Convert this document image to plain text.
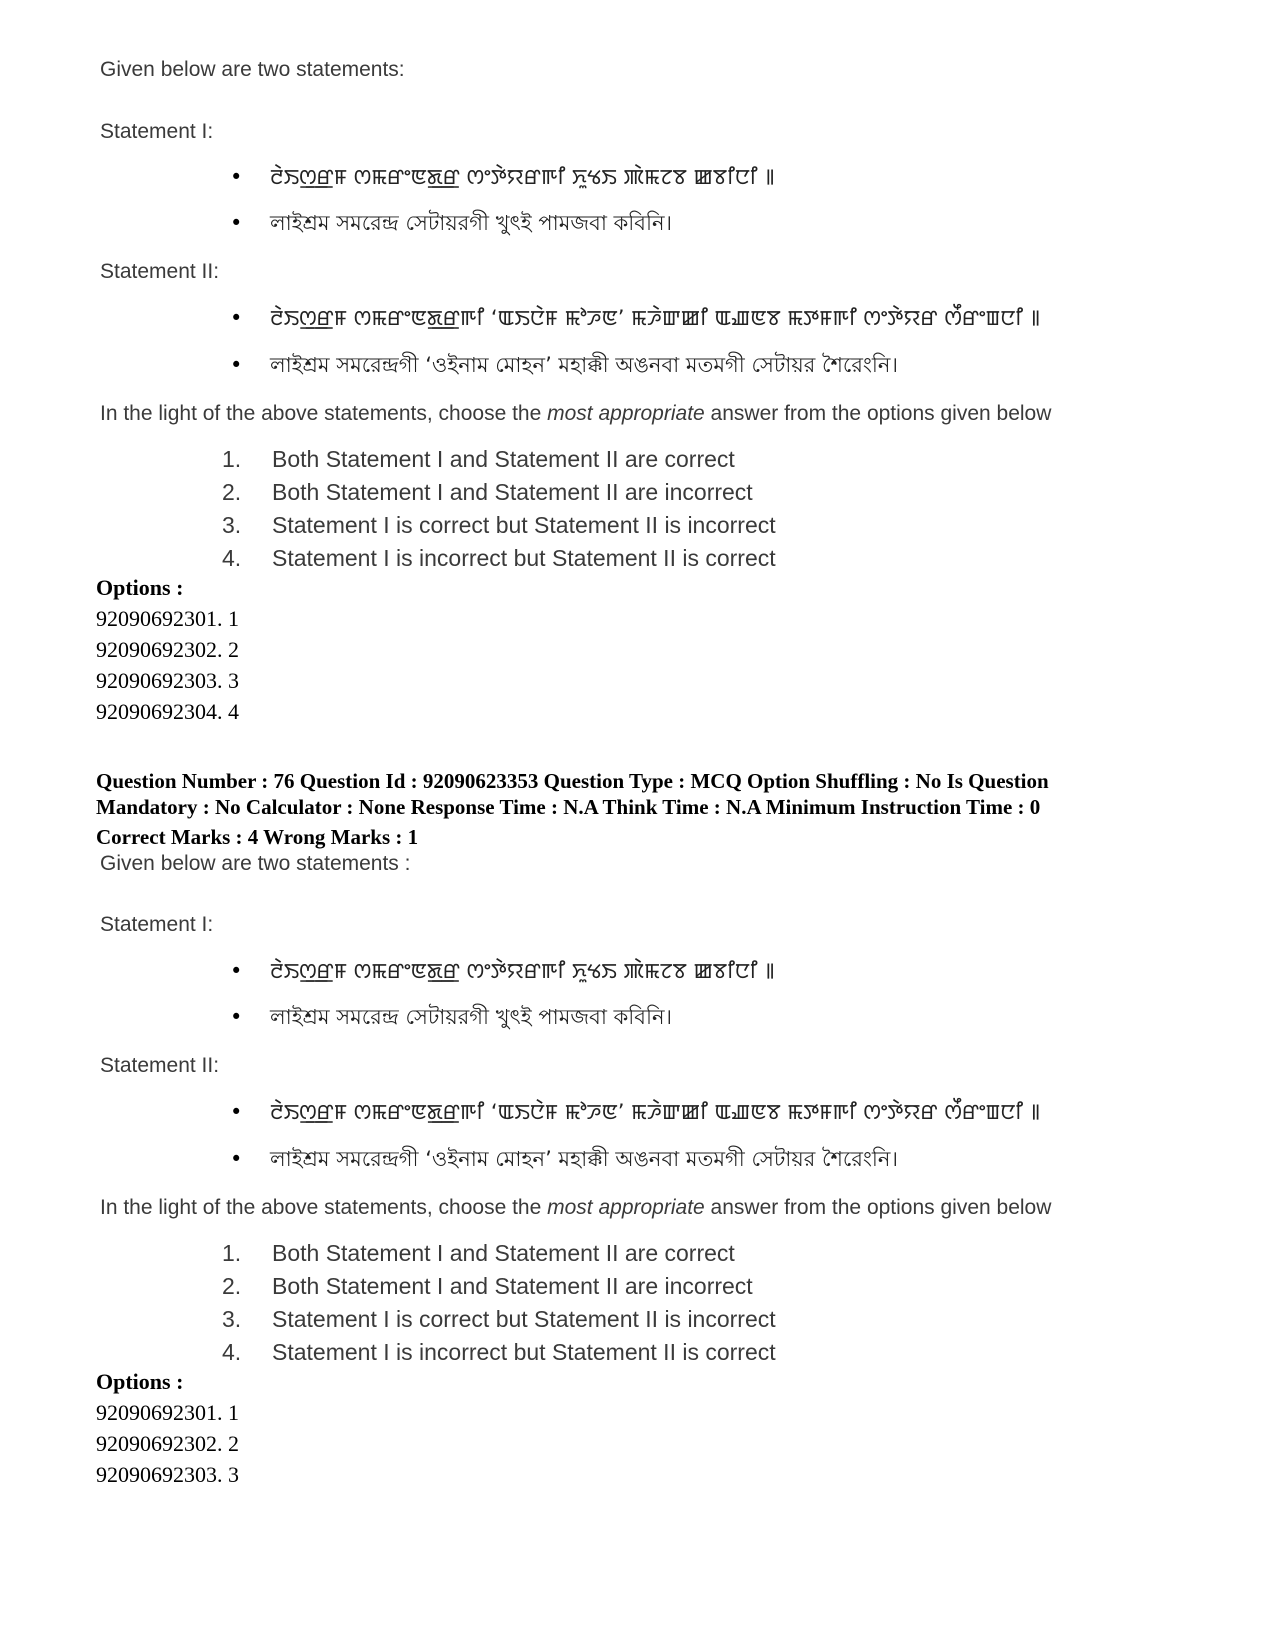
Given below are two statements:
Statement I:
• ꯂꯥꯏꯁ꯭ꯔꯝ ꯁꯃꯔꯦꯟꯗ꯭ꯔ ꯁꯦꯇꯥꯌꯔꯒꯤ ꯈꯨꯠꯏ ꯄꯥꯃꯖꯕ ꯀꯕꯤꯅꯤ ꯫
• লাইশ্রম সমরেন্দ্র সেটায়রগী খুৎই পামজবা কবিনি।
Statement II:
• ꯂꯥꯏꯁ꯭ꯔꯝ ꯁꯃꯔꯦꯟꯗ꯭ꯔꯒꯤ ‘ꯑꯏꯅꯥꯝ ꯃꯣꯍꯟ’ ꯃꯍꯥꯛꯀꯤ ꯑꯉꯟꯕ ꯃꯇꯝꯒꯤ ꯁꯦꯇꯥꯌꯔ ꯁꯩꯔꯦꯡꯅꯤ ꯫
• লাইশ্রম সমরেন্দ্রগী ‘ওইনাম মোহন’ মহাক্কী অঙনবা মতমগী সেটায়র শৈরেংনি।
In the light of the above statements, choose the most appropriate answer from the options given below
1. Both Statement I and Statement II are correct
2. Both Statement I and Statement II are incorrect
3. Statement I is correct but Statement II is incorrect
4. Statement I is incorrect but Statement II is correct
Options :
92090692301. 1
92090692302. 2
92090692303. 3
92090692304. 4
Question Number : 76 Question Id : 92090623353 Question Type : MCQ Option Shuffling : No Is Question
Mandatory : No Calculator : None Response Time : N.A Think Time : N.A Minimum Instruction Time : 0
Correct Marks : 4 Wrong Marks : 1
Given below are two statements :
Statement I:
• ꯂꯥꯏꯁ꯭ꯔꯝ ꯁꯃꯔꯦꯟꯗ꯭ꯔ ꯁꯦꯇꯥꯌꯔꯒꯤ ꯈꯨꯠꯏ ꯄꯥꯃꯖꯕ ꯀꯕꯤꯅꯤ ꯫
• লাইশ্রম সমরেন্দ্র সেটায়রগী খুৎই পামজবা কবিনি।
Statement II:
• ꯂꯥꯏꯁ꯭ꯔꯝ ꯁꯃꯔꯦꯟꯗ꯭ꯔꯒꯤ ‘ꯑꯏꯅꯥꯝ ꯃꯣꯍꯟ’ ꯃꯍꯥꯛꯀꯤ ꯑꯉꯟꯕ ꯃꯇꯝꯒꯤ ꯁꯦꯇꯥꯌꯔ ꯁꯩꯔꯦꯡꯅꯤ ꯫
• লাইশ্রম সমরেন্দ্রগী ‘ওইনাম মোহন’ মহাক্কী অঙনবা মতমগী সেটায়র শৈরেংনি।
In the light of the above statements, choose the most appropriate answer from the options given below
1. Both Statement I and Statement II are correct
2. Both Statement I and Statement II are incorrect
3. Statement I is correct but Statement II is incorrect
4. Statement I is incorrect but Statement II is correct
Options :
92090692301. 1
92090692302. 2
92090692303. 3
